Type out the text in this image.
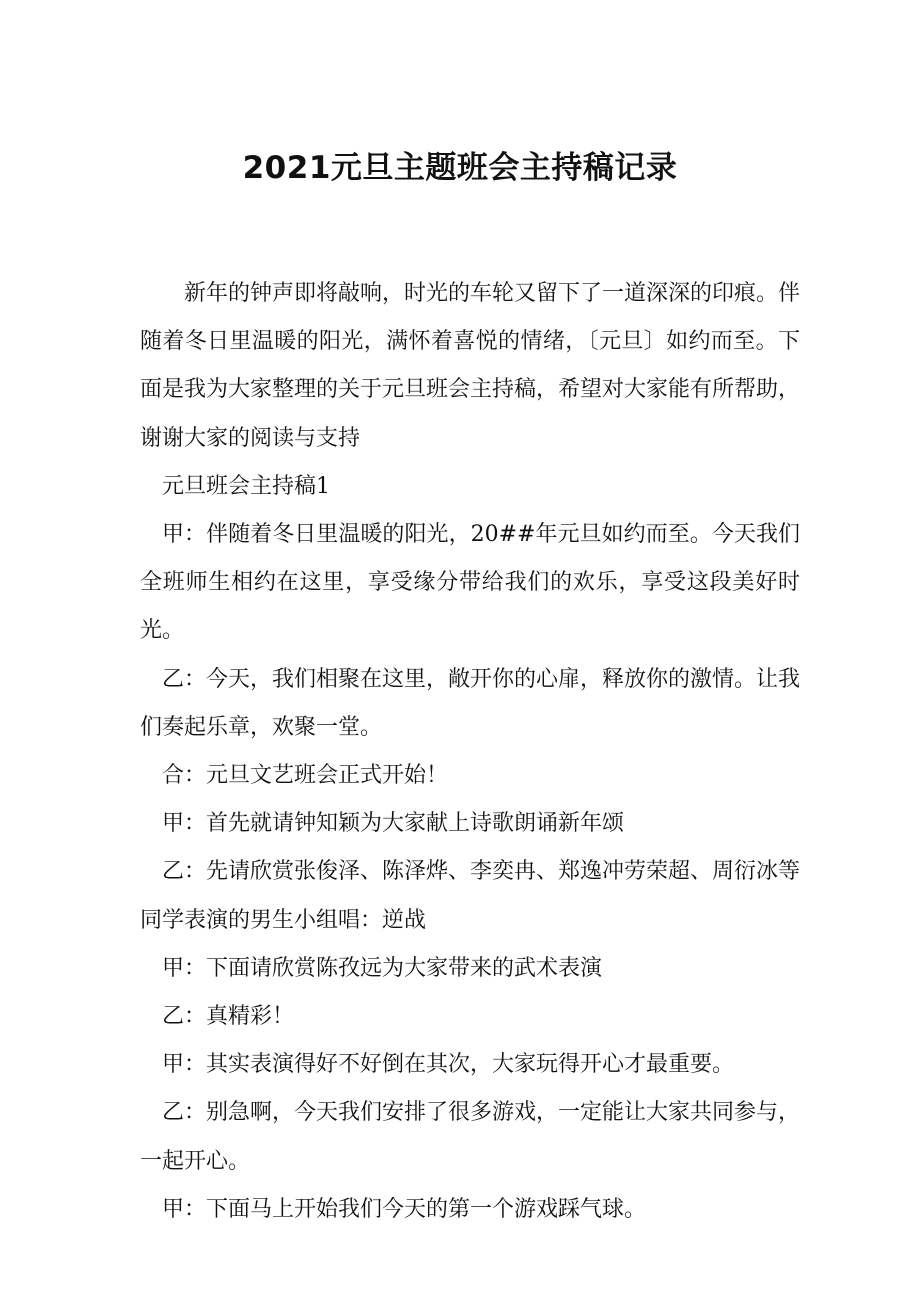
2021元旦主题班会主持稿记录

新年的钟声即将敲响，时光的车轮又留下了一道深深的印痕。伴随着冬日里温暖的阳光，满怀着喜悦的情绪，〔元旦〕如约而至。下面是我为大家整理的关于元旦班会主持稿，希望对大家能有所帮助，谢谢大家的阅读与支持

元旦班会主持稿1

甲：伴随着冬日里温暖的阳光，20##年元旦如约而至。今天我们全班师生相约在这里，享受缘分带给我们的欢乐，享受这段美好时光。

乙：今天，我们相聚在这里，敞开你的心扉，释放你的激情。让我们奏起乐章，欢聚一堂。

合：元旦文艺班会正式开始！

甲：首先就请钟知颖为大家献上诗歌朗诵新年颂

乙：先请欣赏张俊泽、陈泽烨、李奕冉、郑逸冲劳荣超、周衍冰等同学表演的男生小组唱：逆战

甲：下面请欣赏陈孜远为大家带来的武术表演

乙：真精彩！

甲：其实表演得好不好倒在其次，大家玩得开心才最重要。

乙：别急啊，今天我们安排了很多游戏，一定能让大家共同参与，一起开心。

甲：下面马上开始我们今天的第一个游戏踩气球。
